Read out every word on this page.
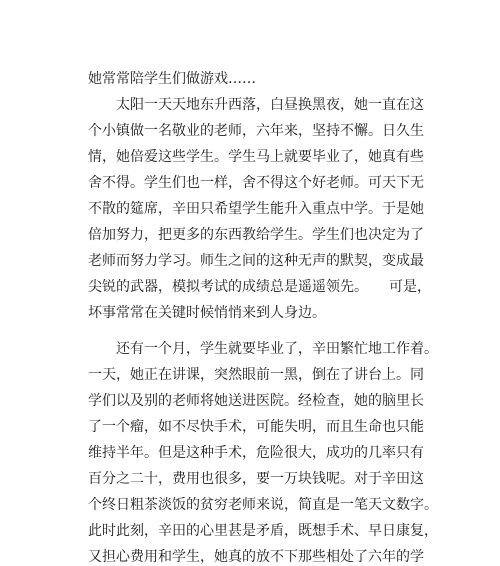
她常常陪学生们做游戏……
　　太阳一天天地东升西落，白昼换黑夜，她一直在这
个小镇做一名敬业的老师，六年来，坚持不懈。日久生
情，她倍爱这些学生。学生马上就要毕业了，她真有些
舍不得。学生们也一样，舍不得这个好老师。可天下无
不散的筵席，辛田只希望学生能升入重点中学。于是她
倍加努力，把更多的东西教给学生。学生们也决定为了
老师而努力学习。师生之间的这种无声的默契，变成最
尖锐的武器，模拟考试的成绩总是遥遥领先。　　可是，
坏事常常在关键时候悄悄来到人身边。
　　还有一个月，学生就要毕业了，辛田繁忙地工作着。
一天，她正在讲课，突然眼前一黑，倒在了讲台上。同
学们以及别的老师将她送进医院。经检查，她的脑里长
了一个瘤，如不尽快手术，可能失明，而且生命也只能
维持半年。但是这种手术，危险很大，成功的几率只有
百分之二十，费用也很多，要一万块钱呢。对于辛田这
个终日粗茶淡饭的贫穷老师来说，简直是一笔天文数字。
此时此刻，辛田的心里甚是矛盾，既想手术、早日康复，
又担心费用和学生，她真的放不下那些相处了六年的学
